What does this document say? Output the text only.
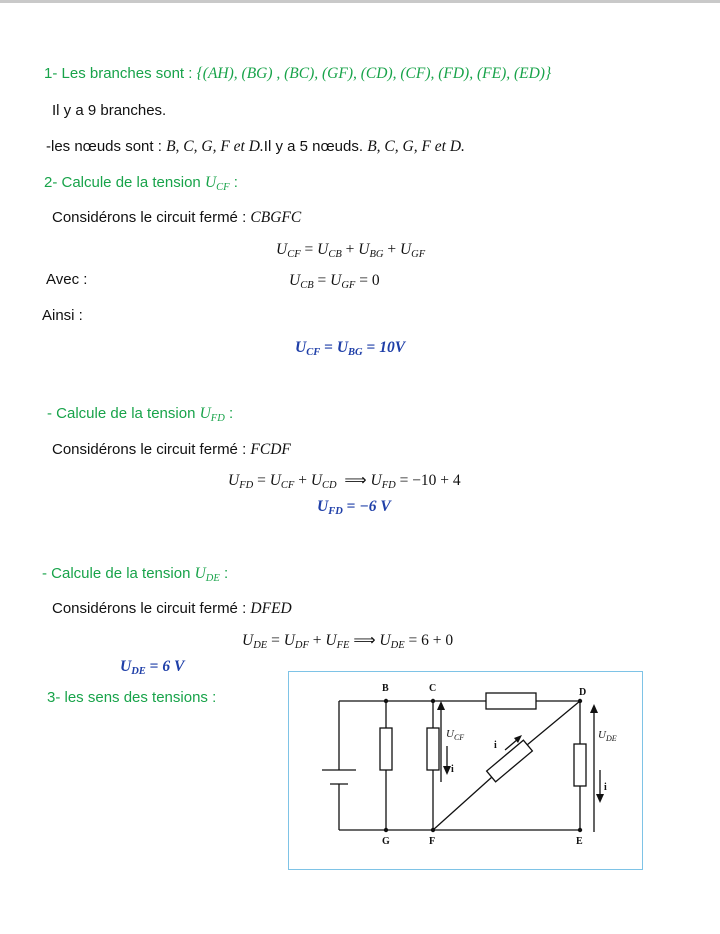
1- Les branches sont : {(AH), (BG) , (BC), (GF), (CD), (CF), (FD), (FE), (ED)}
Il y a 9 branches.
-les nœuds sont : B, C, G, F et D.Il y a 5 nœuds. B, C, G, F et D.
2- Calcule de la tension $U_{CF}$ :
Considérons le circuit fermé : CBGFC
$U_{CF} = U_{CB} + U_{BG} + U_{GF}$
Avec :	$U_{CB} = U_{GF} = 0$
Ainsi :
$U_{CF} = U_{BG} = 10V$
- Calcule de la tension $U_{FD}$ :
Considérons le circuit fermé : FCDF
$U_{FD} = U_{CF} + U_{CD}$  ⟹ $U_{FD} = -10 + 4$
$U_{FD} = -6$ V
- Calcule de la tension $U_{DE}$ :
Considérons le circuit fermé : DFED
$U_{DE} = U_{DF} + U_{FE}$ ⟹ $U_{DE} = 6 + 0$
$U_{DE} = 6$ V
3- les sens des tensions :
B	C	D
G	F	E
$U_{CF}$	$U_{DE}$
i
i
i
